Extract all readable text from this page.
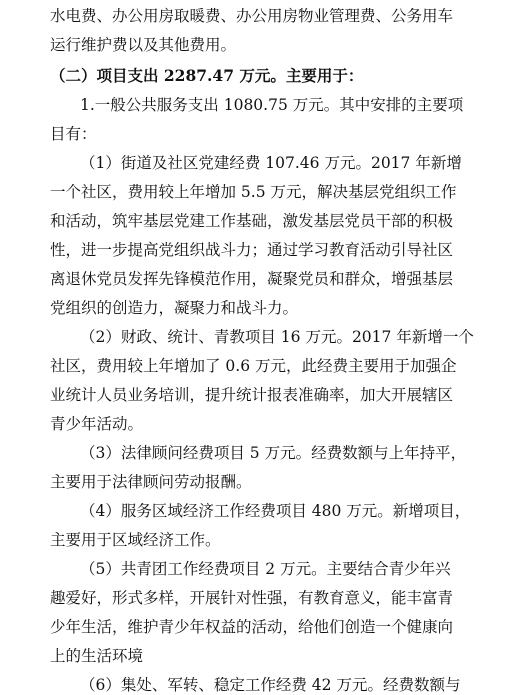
水电费、办公用房取暖费、办公用房物业管理费、公务用车
运行维护费以及其他费用。
（二）项目支出 2287.47 万元。主要用于：
1.一般公共服务支出 1080.75 万元。其中安排的主要项
目有：
（1）街道及社区党建经费 107.46 万元。2017 年新增
一个社区，费用较上年增加 5.5 万元，解决基层党组织工作
和活动，筑牢基层党建工作基础，激发基层党员干部的积极
性，进一步提高党组织战斗力；通过学习教育活动引导社区
离退休党员发挥先锋模范作用，凝聚党员和群众，增强基层
党组织的创造力，凝聚力和战斗力。
（2）财政、统计、青教项目 16 万元。2017 年新增一个
社区，费用较上年增加了 0.6 万元，此经费主要用于加强企
业统计人员业务培训，提升统计报表准确率，加大开展辖区
青少年活动。
（3）法律顾问经费项目 5 万元。经费数额与上年持平，
主要用于法律顾问劳动报酬。
（4）服务区域经济工作经费项目 480 万元。新增项目，
主要用于区域经济工作。
（5）共青团工作经费项目 2 万元。主要结合青少年兴
趣爱好，形式多样，开展针对性强，有教育意义，能丰富青
少年生活，维护青少年权益的活动，给他们创造一个健康向
上的生活环境
（6）集处、军转、稳定工作经费 42 万元。经费数额与
